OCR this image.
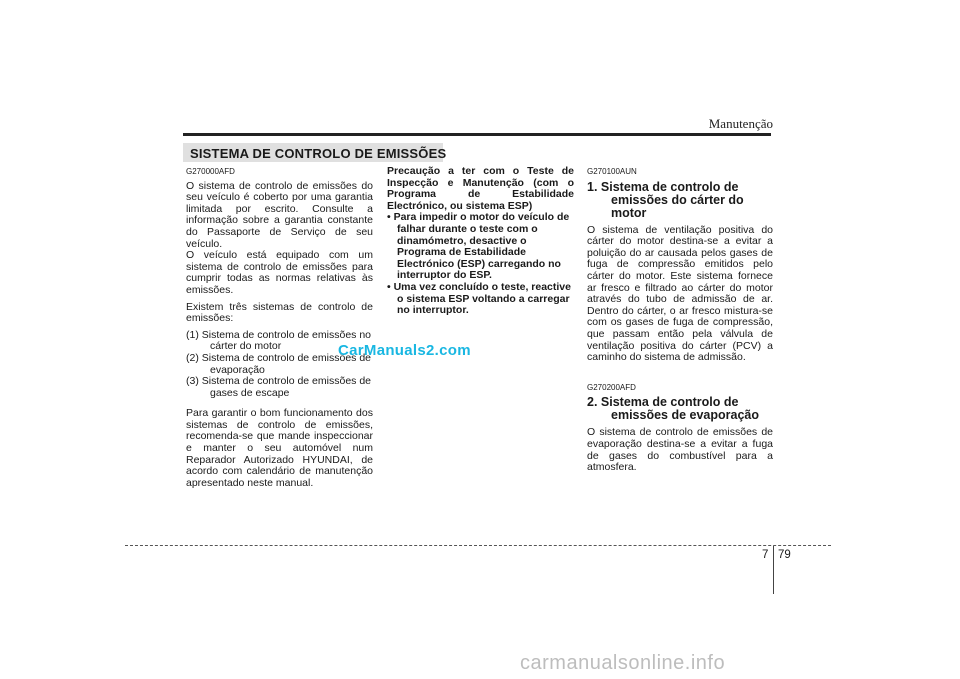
Manutenção
SISTEMA DE CONTROLO DE EMISSÕES
G270000AFD

O sistema de controlo de emissões do seu veículo é coberto por uma garantia limitada por escrito. Consulte a informação sobre a garantia constante do Passaporte de Serviço de seu veículo.

O veículo está equipado com um sistema de controlo de emissões para cumprir todas as normas relativas às emissões.

Existem três sistemas de controlo de emissões:

(1) Sistema de controlo de emissões no cárter do motor

(2) Sistema de controlo de emissões de evaporação

(3) Sistema de controlo de emissões de gases de escape

Para garantir o bom funcionamento dos sistemas de controlo de emissões, recomenda-se que mande inspeccionar e manter o seu automóvel num Reparador Autorizado HYUNDAI, de acordo com calendário de manutenção apresentado neste manual.

Precaução a ter com o Teste de Inspecção e Manutenção (com o Programa de Estabilidade Electrónico, ou sistema ESP)

• Para impedir o motor do veículo de falhar durante o teste com o dinamómetro, desactive o Programa de Estabilidade Electrónico (ESP) carregando no interruptor do ESP.

• Uma vez concluído o teste, reactive o sistema ESP voltando a carregar no interruptor.

G270100AUN
1. Sistema de controlo de emissões do cárter do motor

O sistema de ventilação positiva do cárter do motor destina-se a evitar a poluição do ar causada pelos gases de fuga de compressão emitidos pelo cárter do motor. Este sistema fornece ar fresco e filtrado ao cárter do motor através do tubo de admissão de ar. Dentro do cárter, o ar fresco mistura-se com os gases de fuga de compressão, que passam então pela válvula de ventilação positiva do cárter (PCV) a caminho do sistema de admissão.

G270200AFD
2. Sistema de controlo de emissões de evaporação

O sistema de controlo de emissões de evaporação destina-se a evitar a fuga de gases do combustível para a atmosfera.

CarManuals2.com
7 79
carmanualsonline.info
